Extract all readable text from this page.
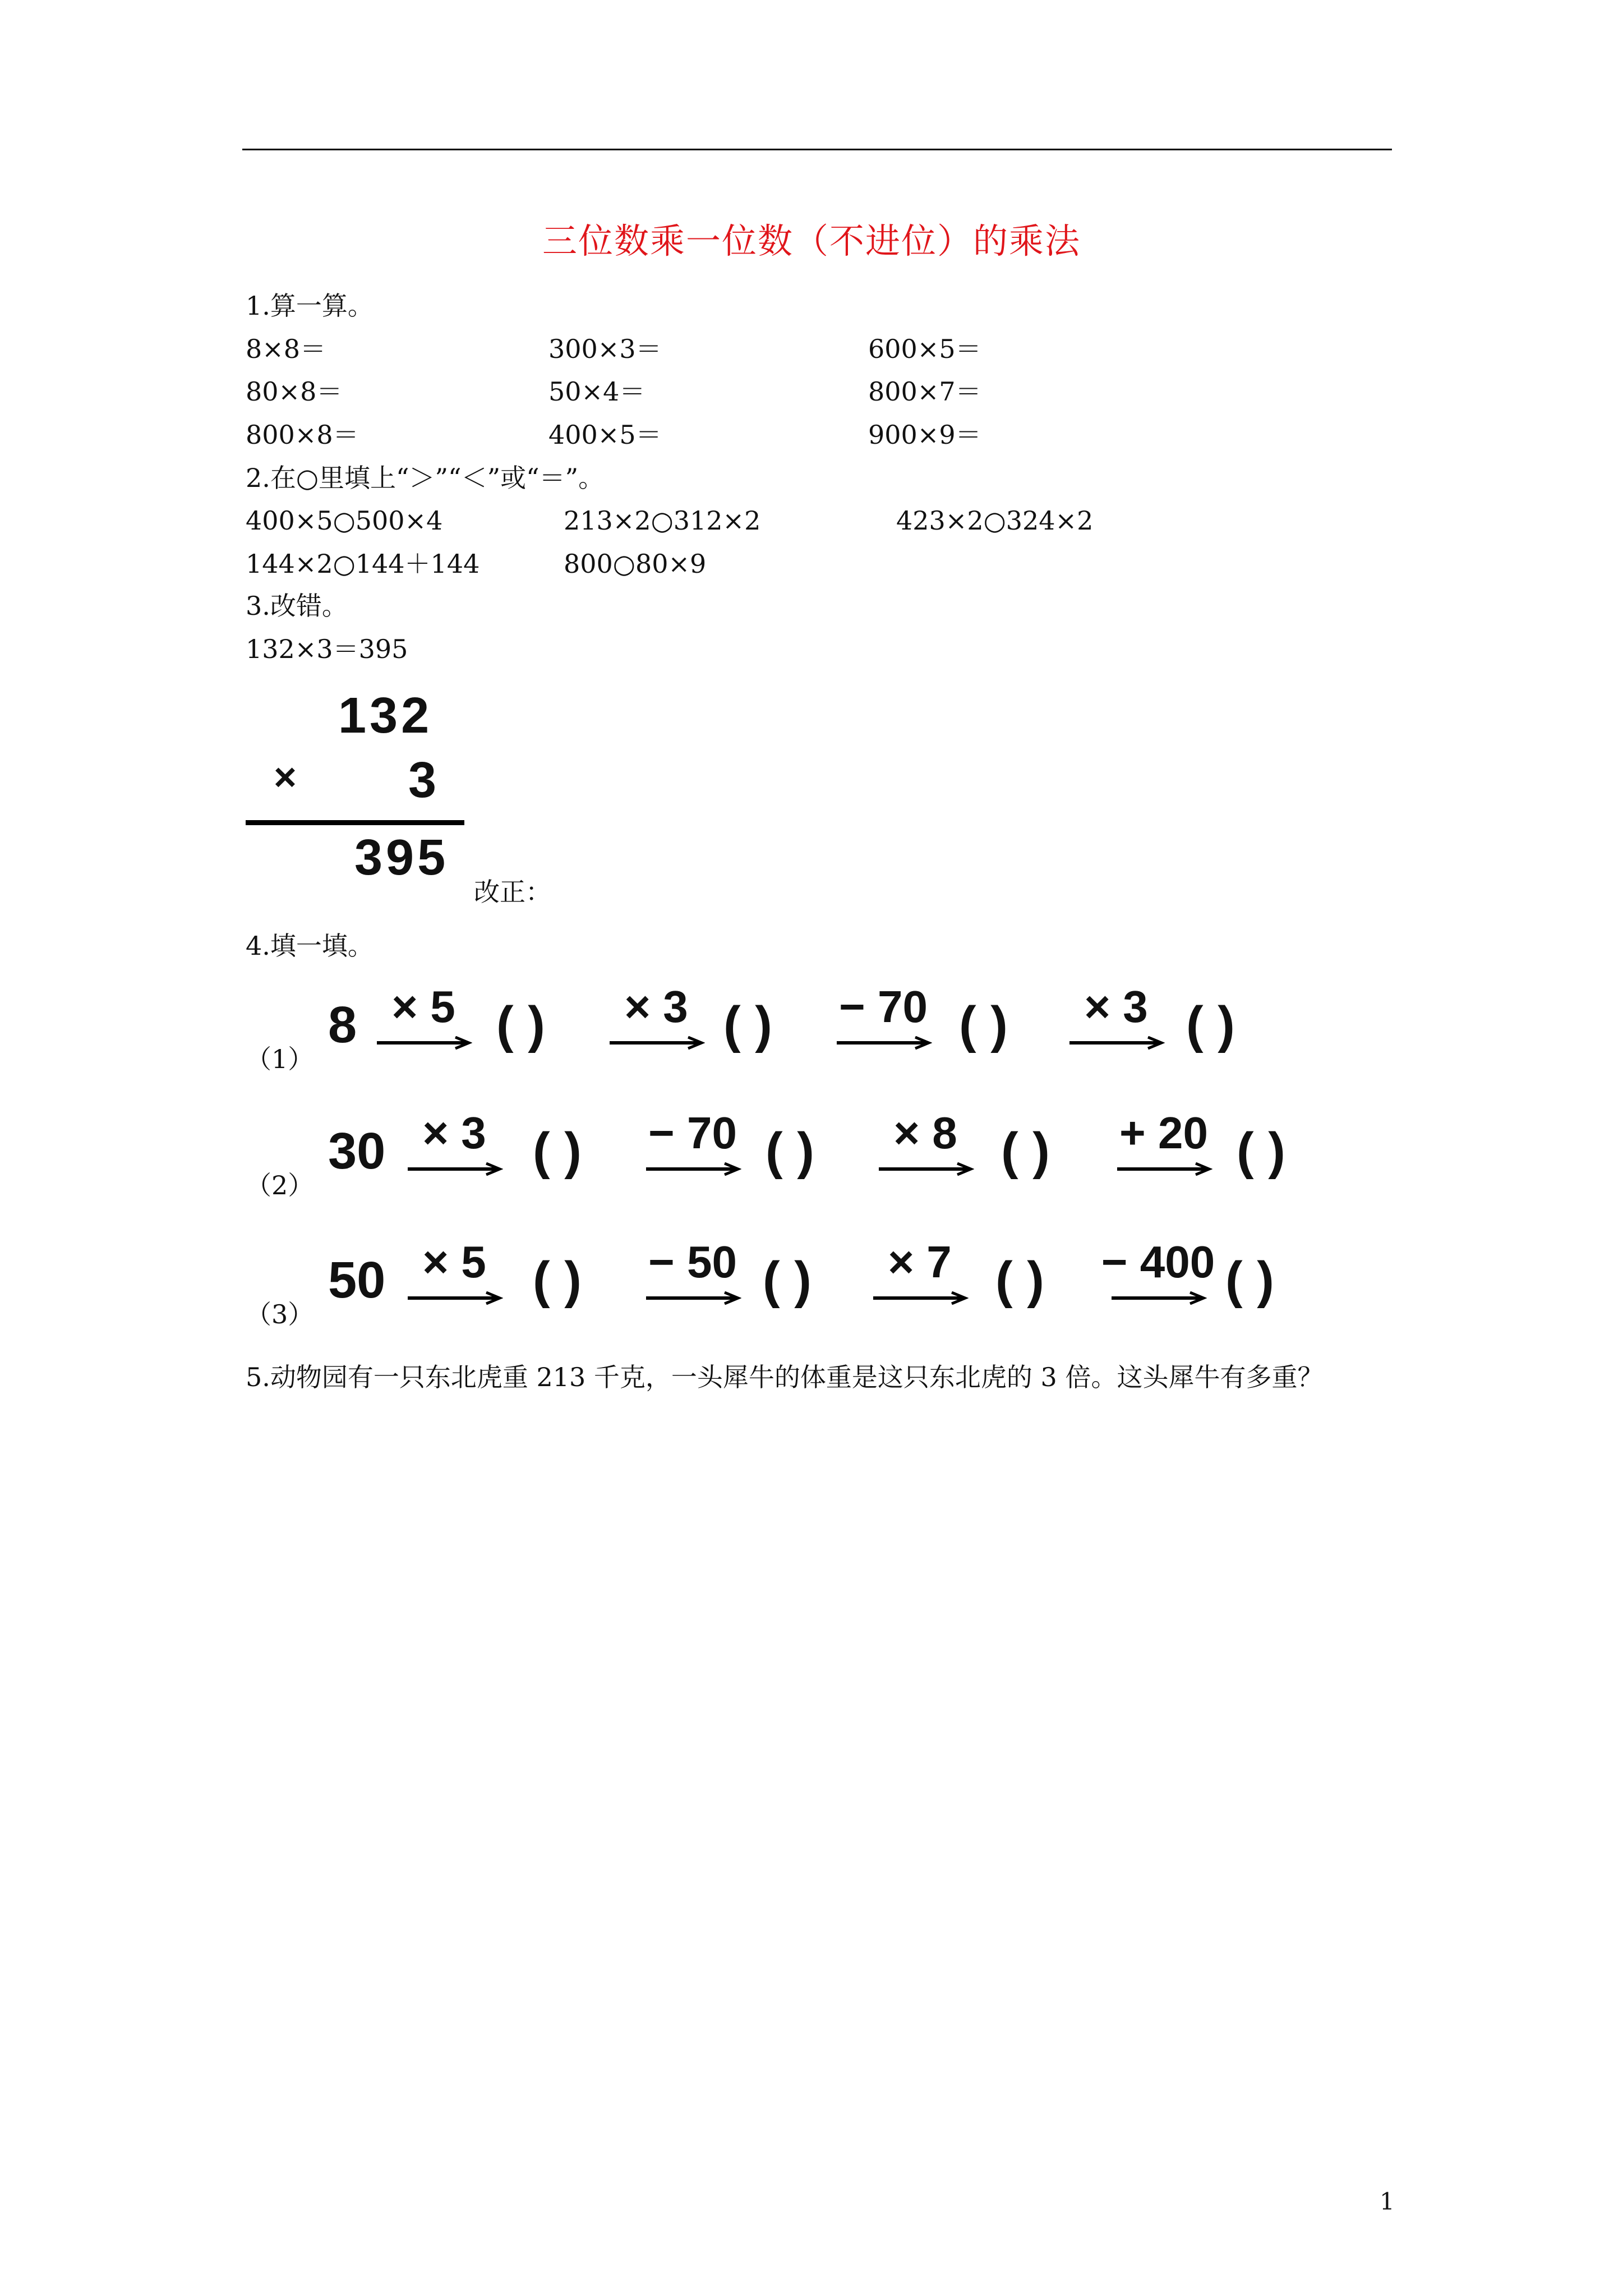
三位数乘一位数（不进位）的乘法
1.算一算。
8×8＝	300×3＝	600×5＝
80×8＝	50×4＝	800×7＝
800×8＝	400×5＝	900×9＝
2.在○里填上“＞”“＜”或“＝”。
400×5○500×4	213×2○312×2	423×2○324×2
144×2○144＋144	800○80×9
3.改错。
132×3＝395
132
× 3
395
改正：
4.填一填。
（1）
8 × 5 ( )	× 3 ( ) − 70 ( )	× 3 ( )
（2）
30 × 3 ( ) − 70 ( )	× 8 ( ) + 20 ( )
（3）
50 × 5 ( ) − 50 ( )	× 7 ( ) − 400 ( )
5.动物园有一只东北虎重 213 千克，一头犀牛的体重是这只东北虎的 3 倍。这头犀牛有多重？
1
